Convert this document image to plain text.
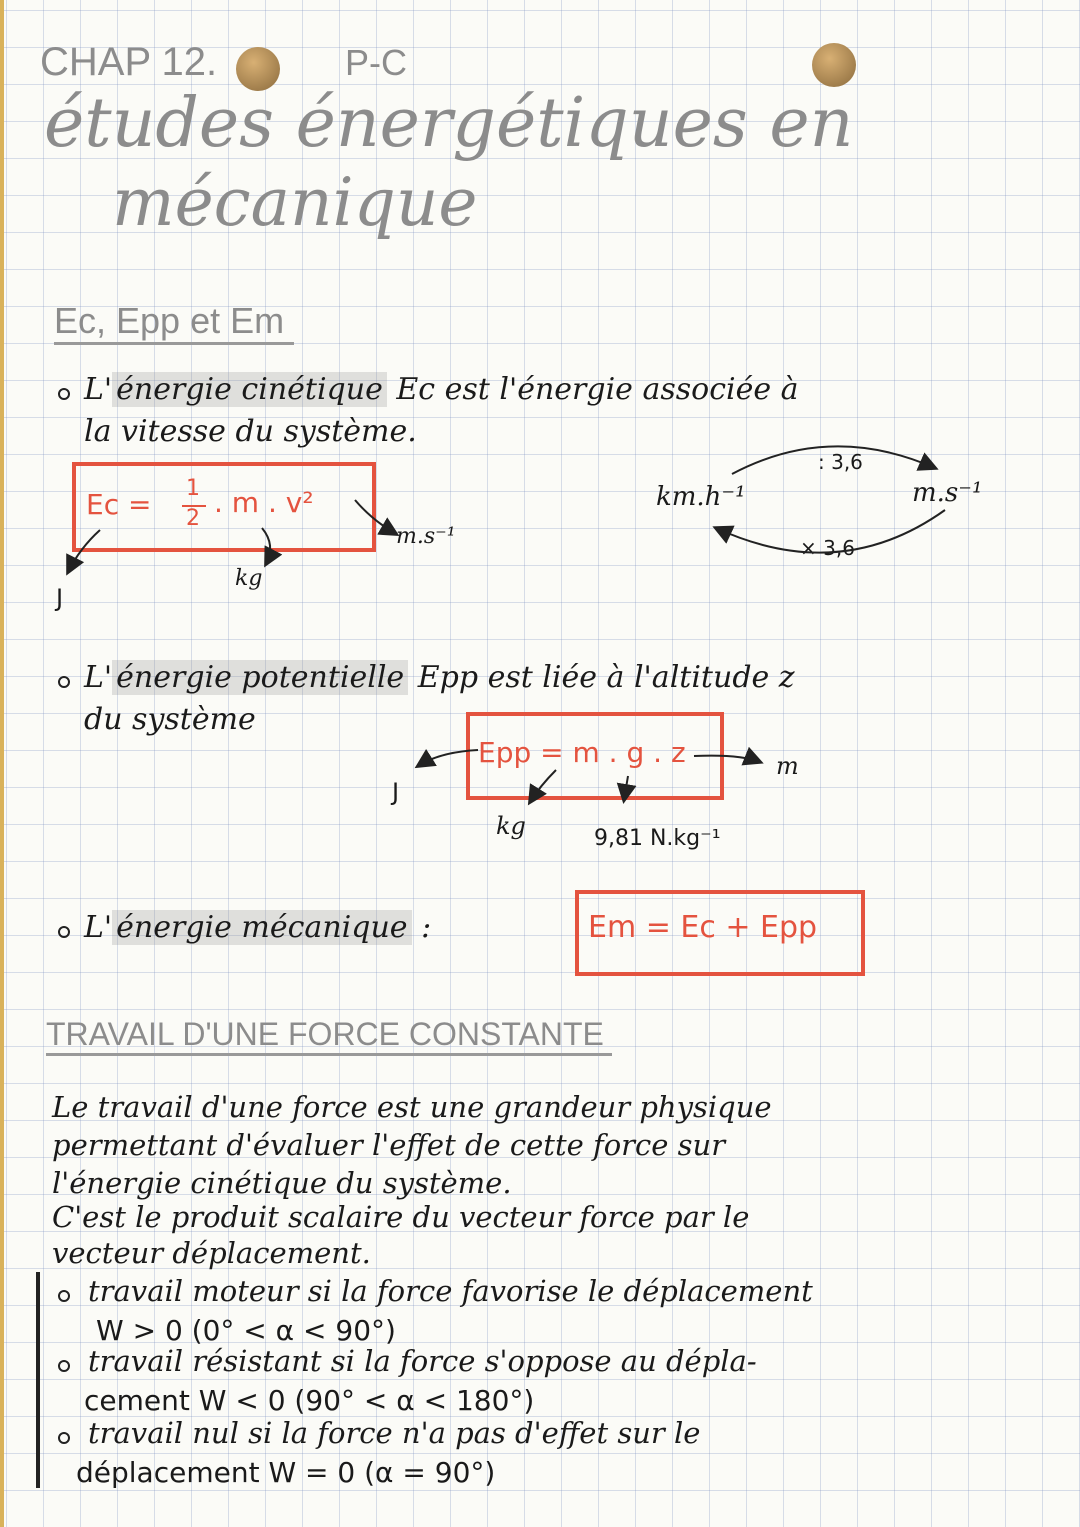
CHAP 12.	P-C
études énergétiques en
mécanique
Ec, Epp et Em
L' énergie cinétique Ec est l'énergie associée à
la vitesse du système.
Ec = 1
2 . m . v²
J
kg
m.s⁻¹
km.h⁻¹	m.s⁻¹
: 3,6
× 3,6
L' énergie potentielle Epp est liée à l'altitude z
du système
Epp = m . g . z
J
m
kg	9,81 N.kg⁻¹
L' énergie mécanique :	Em = Ec + Epp
TRAVAIL D'UNE FORCE CONSTANTE
Le travail d'une force est une grandeur physique
permettant d'évaluer l'effet de cette force sur
l'énergie cinétique du système.
C'est le produit scalaire du vecteur force par le
vecteur déplacement.
travail moteur si la force favorise le déplacement
W > 0 (0° < α < 90°)
travail résistant si la force s'oppose au dépla-
cement W < 0 (90° < α < 180°)
travail nul si la force n'a pas d'effet sur le
déplacement W = 0 (α = 90°)
